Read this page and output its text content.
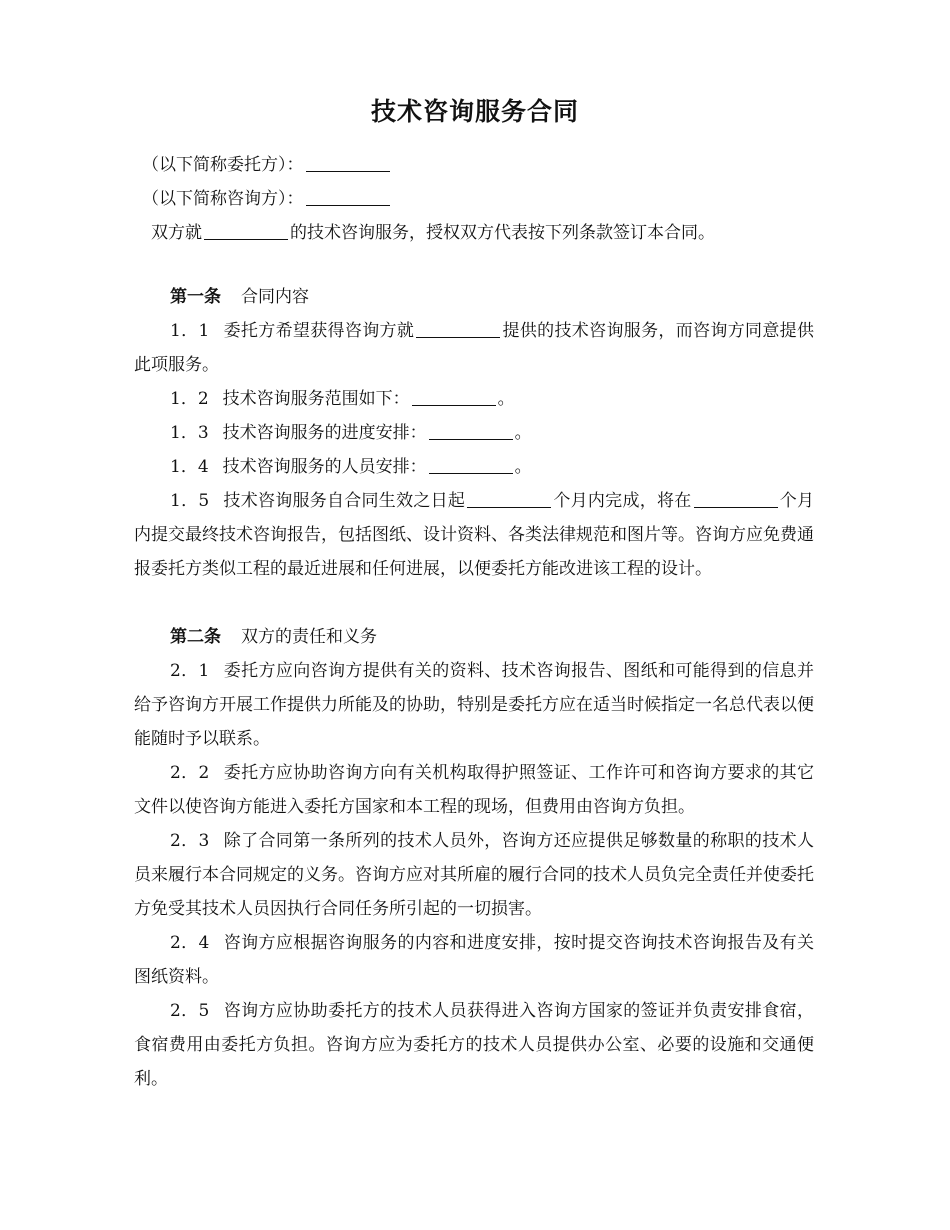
技术咨询服务合同

（以下简称委托方）：

（以下简称咨询方）：

双方就	的技术咨询服务，授权双方代表按下列条款签订本合同。

第一条 合同内容

1．1 委托方希望获得咨询方就	提供的技术咨询服务，而咨询方同意提供此项服务。

1．2 技术咨询服务范围如下：	。

1．3 技术咨询服务的进度安排：	。

1．4 技术咨询服务的人员安排：	。

1．5 技术咨询服务自合同生效之日起	个月内完成，将在	个月内提交最终技术咨询报告，包括图纸、设计资料、各类法律规范和图片等。咨询方应免费通报委托方类似工程的最近进展和任何进展，以便委托方能改进该工程的设计。

第二条 双方的责任和义务

2．1 委托方应向咨询方提供有关的资料、技术咨询报告、图纸和可能得到的信息并给予咨询方开展工作提供力所能及的协助，特别是委托方应在适当时候指定一名总代表以便能随时予以联系。

2．2 委托方应协助咨询方向有关机构取得护照签证、工作许可和咨询方要求的其它文件以使咨询方能进入委托方国家和本工程的现场，但费用由咨询方负担。

2．3 除了合同第一条所列的技术人员外，咨询方还应提供足够数量的称职的技术人员来履行本合同规定的义务。咨询方应对其所雇的履行合同的技术人员负完全责任并使委托方免受其技术人员因执行合同任务所引起的一切损害。

2．4 咨询方应根据咨询服务的内容和进度安排，按时提交咨询技术咨询报告及有关图纸资料。

2．5 咨询方应协助委托方的技术人员获得进入咨询方国家的签证并负责安排食宿，食宿费用由委托方负担。咨询方应为委托方的技术人员提供办公室、必要的设施和交通便利。
